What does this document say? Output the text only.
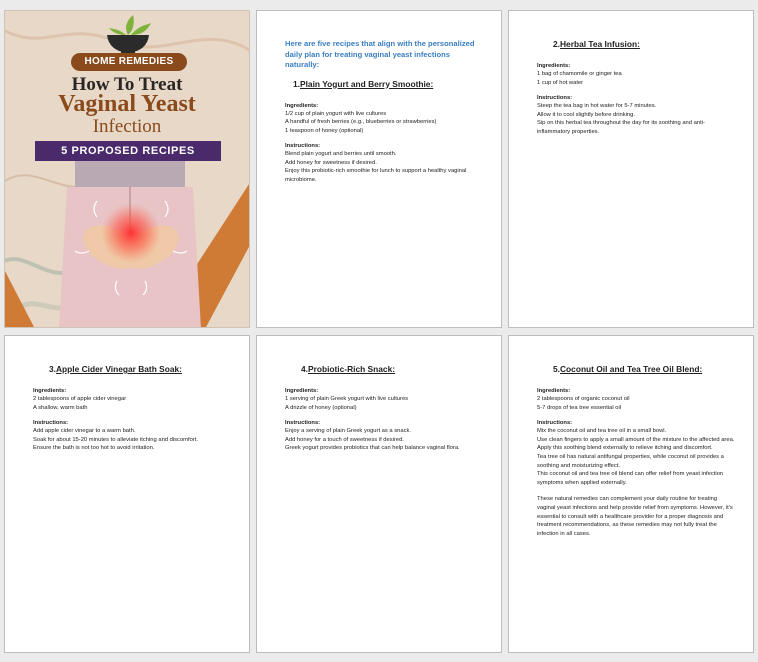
HOME REMEDIES
How To Treat
Vaginal Yeast
Infection
5 PROPOSED RECIPES
Here are five recipes that align with the personalized daily plan for treating vaginal yeast infections naturally:
1.Plain Yogurt and Berry Smoothie:
Ingredients:
1/2 cup of plain yogurt with live cultures
A handful of fresh berries (e.g., blueberries or strawberries)
1 teaspoon of honey (optional)
Instructions:
Blend plain yogurt and berries until smooth.
Add honey for sweetness if desired.
Enjoy this probiotic-rich smoothie for lunch to support a healthy vaginal microbiome.
2.Herbal Tea Infusion:
Ingredients:
1 bag of chamomile or ginger tea
1 cup of hot water
Instructions:
Steep the tea bag in hot water for 5-7 minutes.
Allow it to cool slightly before drinking.
Sip on this herbal tea throughout the day for its soothing and anti-inflammatory properties.
3.Apple Cider Vinegar Bath Soak:
Ingredients:
2 tablespoons of apple cider vinegar
A shallow, warm bath
Instructions:
Add apple cider vinegar to a warm bath.
Soak for about 15-20 minutes to alleviate itching and discomfort.
Ensure the bath is not too hot to avoid irritation.
4.Probiotic-Rich Snack:
Ingredients:
1 serving of plain Greek yogurt with live cultures
A drizzle of honey (optional)
Instructions:
Enjoy a serving of plain Greek yogurt as a snack.
Add honey for a touch of sweetness if desired.
Greek yogurt provides probiotics that can help balance vaginal flora.
5.Coconut Oil and Tea Tree Oil Blend:
Ingredients:
2 tablespoons of organic coconut oil
5-7 drops of tea tree essential oil
Instructions:
Mix the coconut oil and tea tree oil in a small bowl.
Use clean fingers to apply a small amount of the mixture to the affected area.
Apply this soothing blend externally to relieve itching and discomfort.
Tea tree oil has natural antifungal properties, while coconut oil provides a soothing and moisturizing effect.
This coconut oil and tea tree oil blend can offer relief from yeast infection symptoms when applied externally.
These natural remedies can complement your daily routine for treating vaginal yeast infections and help provide relief from symptoms. However, it's essential to consult with a healthcare provider for a proper diagnosis and treatment recommendations, as these remedies may not fully treat the infection in all cases.
